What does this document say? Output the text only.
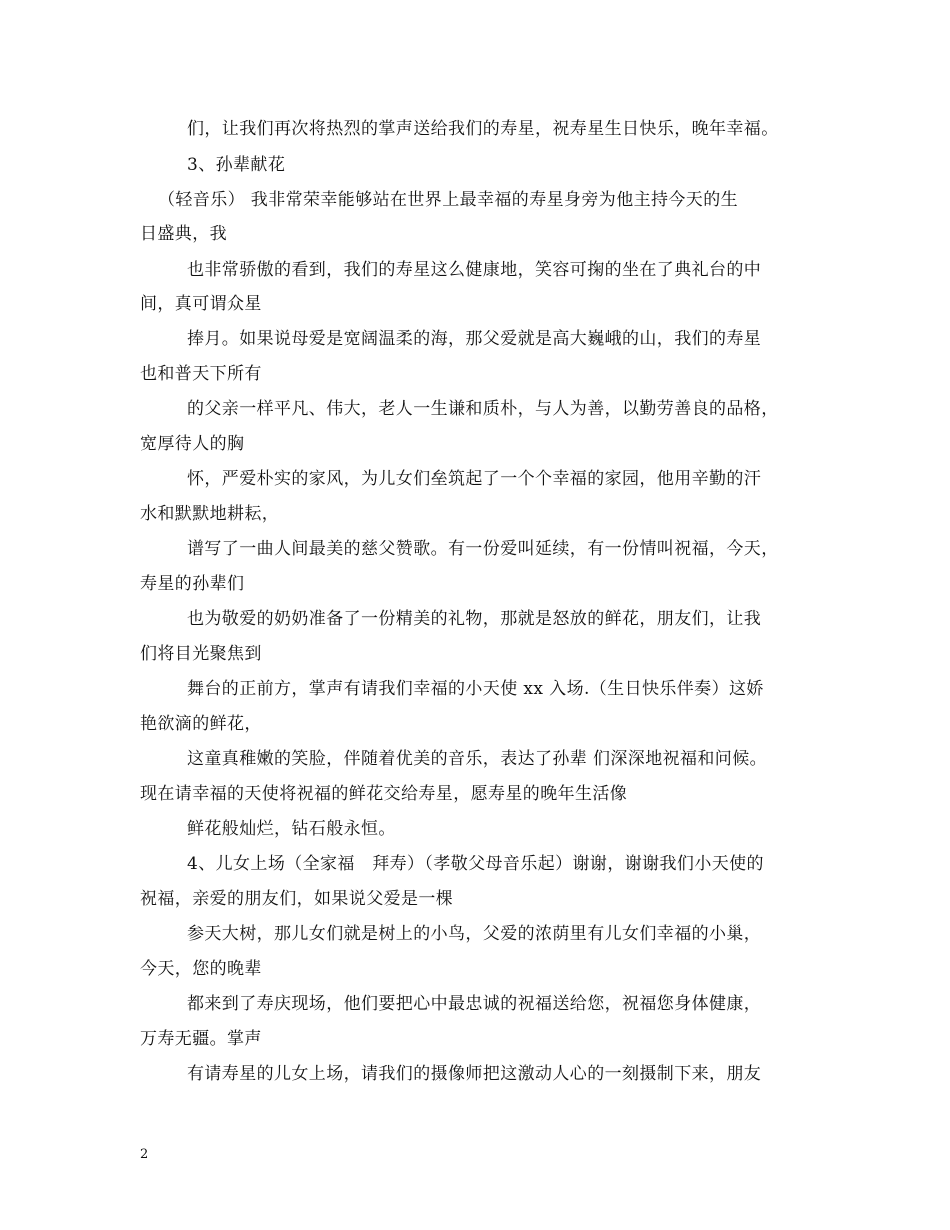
们，让我们再次将热烈的掌声送给我们的寿星，祝寿星生日快乐，晚年幸福。
3、孙辈献花
（轻音乐） 我非常荣幸能够站在世界上最幸福的寿星身旁为他主持今天的生
日盛典，我
也非常骄傲的看到，我们的寿星这么健康地，笑容可掬的坐在了典礼台的中
间，真可谓众星
捧月。如果说母爱是宽阔温柔的海，那父爱就是高大巍峨的山，我们的寿星
也和普天下所有
的父亲一样平凡、伟大，老人一生谦和质朴，与人为善，以勤劳善良的品格，
宽厚待人的胸
怀，严爱朴实的家风，为儿女们垒筑起了一个个幸福的家园，他用辛勤的汗
水和默默地耕耘，
谱写了一曲人间最美的慈父赞歌。有一份爱叫延续，有一份情叫祝福，今天，
寿星的孙辈们
也为敬爱的奶奶准备了一份精美的礼物，那就是怒放的鲜花，朋友们，让我
们将目光聚焦到
舞台的正前方，掌声有请我们幸福的小天使 xx 入场.（生日快乐伴奏）这娇
艳欲滴的鲜花，
这童真稚嫩的笑脸，伴随着优美的音乐，表达了孙辈 们深深地祝福和问候。
现在请幸福的天使将祝福的鲜花交给寿星，愿寿星的晚年生活像
鲜花般灿烂，钻石般永恒。
4、儿女上场（全家福　拜寿）（孝敬父母音乐起）谢谢，谢谢我们小天使的
祝福，亲爱的朋友们，如果说父爱是一棵
参天大树，那儿女们就是树上的小鸟，父爱的浓荫里有儿女们幸福的小巢，
今天，您的晚辈
都来到了寿庆现场，他们要把心中最忠诚的祝福送给您，祝福您身体健康，
万寿无疆。掌声
有请寿星的儿女上场，请我们的摄像师把这激动人心的一刻摄制下来，朋友
2
